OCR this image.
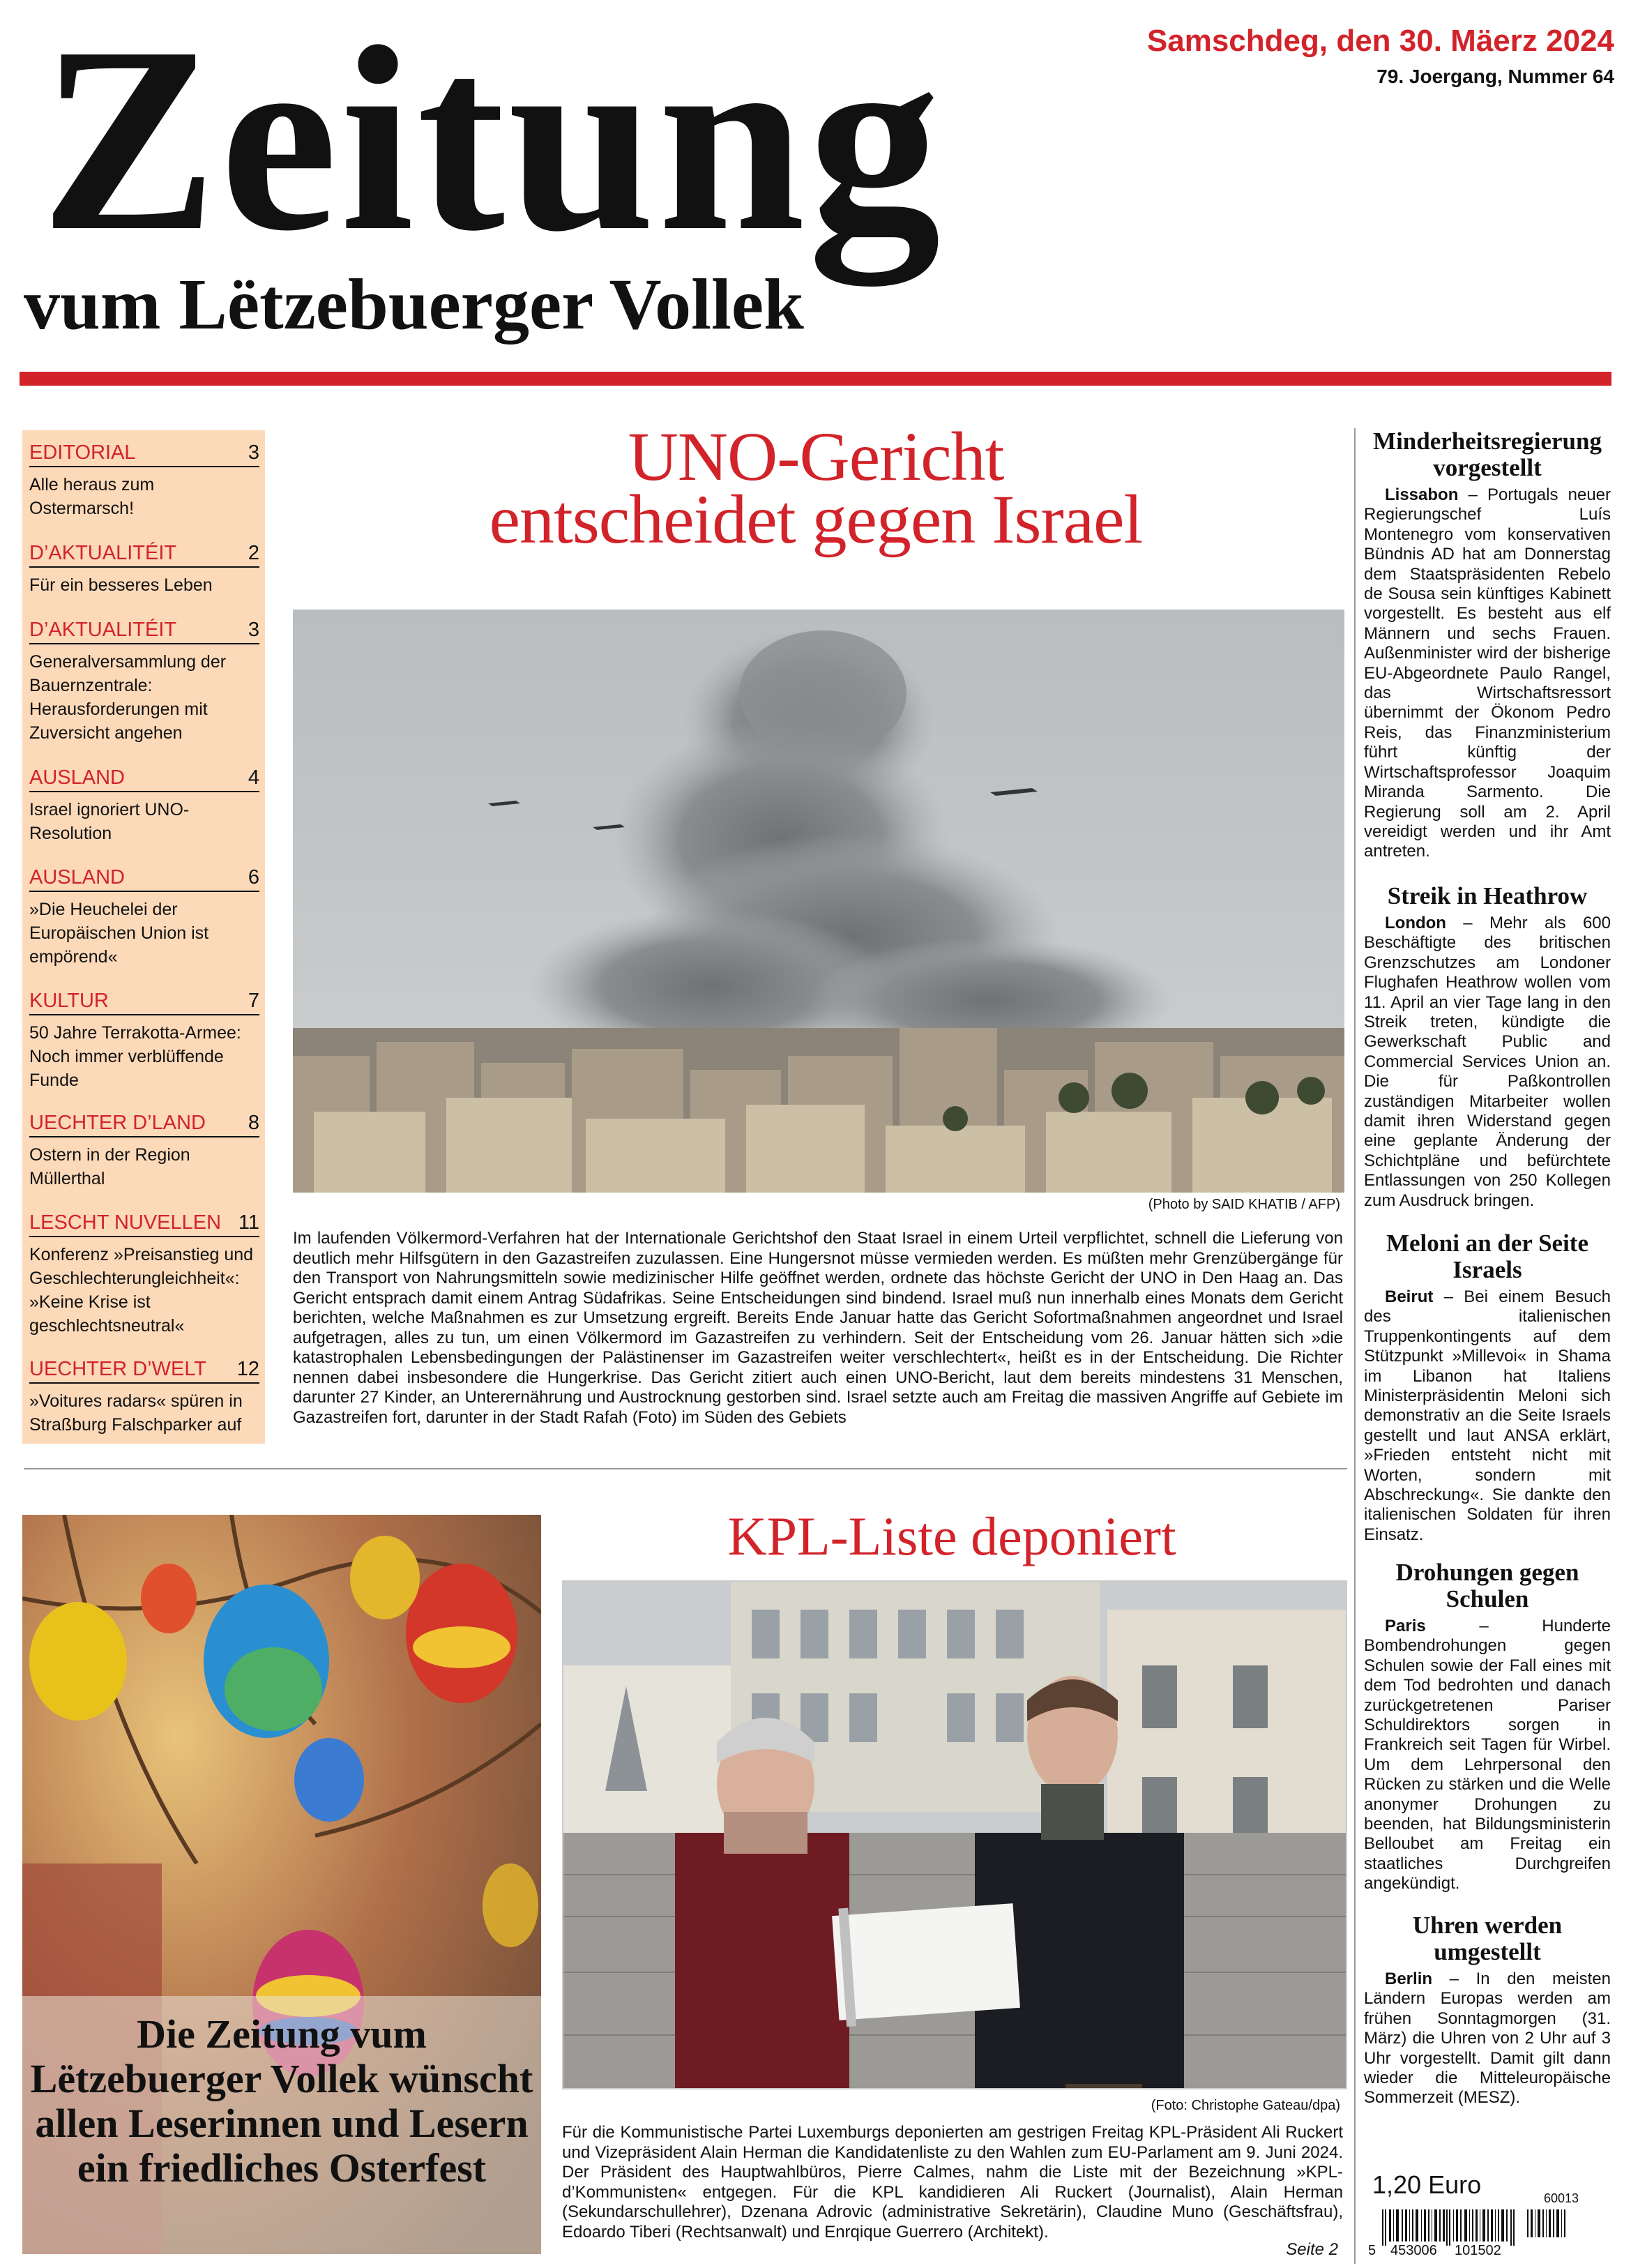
Zeitung
vum Lëtzebuerger Vollek
Samschdeg, den 30. Mäerz 2024
79. Joergang, Nummer 64
EDITORIAL	3
Alle heraus zum Ostermarsch!
D’AKTUALITÉIT	2
Für ein besseres Leben
D’AKTUALITÉIT	3
Generalversammlung der Bauernzentrale: Herausforderungen mit Zuversicht angehen
AUSLAND	4
Israel ignoriert UNO-Resolution
AUSLAND	6
»Die Heuchelei der Europäischen Union ist empörend«
KULTUR	7
50 Jahre Terrakotta-Armee: Noch immer verblüffende Funde
UECHTER D’LAND 8
Ostern in der Region Müllerthal
LESCHT NUVELLEN 11
Konferenz »Preisanstieg und Geschlechterungleichheit«: »Keine Krise ist geschlechtsneutral«
UECHTER D’WELT 12
»Voitures radars« spüren in Straßburg Falschparker auf
UNO-Gericht
entscheidet gegen Israel
(Photo by SAID KHATIB / AFP)
Im laufenden Völkermord-Verfahren hat der Internationale Gerichtshof den Staat Israel in einem Urteil verpflichtet, schnell die Lieferung von deutlich mehr Hilfsgütern in den Gazastreifen zuzulassen. Eine Hungersnot müsse vermieden werden. Es müßten mehr Grenzübergänge für den Transport von Nahrungsmitteln sowie medizinischer Hilfe geöffnet werden, ordnete das höchste Gericht der UNO in Den Haag an. Das Gericht entsprach damit einem Antrag Südafrikas. Seine Entscheidungen sind bindend. Israel muß nun innerhalb eines Monats dem Gericht berichten, welche Maßnahmen es zur Umsetzung ergreift. Bereits Ende Januar hatte das Gericht Sofortmaßnahmen angeordnet und Israel aufgetragen, alles zu tun, um einen Völkermord im Gazastreifen zu verhindern. Seit der Entscheidung vom 26. Januar hätten sich »die katastrophalen Lebensbedingungen der Palästinenser im Gazastreifen weiter verschlechtert«, heißt es in der Entscheidung. Die Richter nennen dabei insbesondere die Hungerkrise. Das Gericht zitiert auch einen UNO-Bericht, laut dem bereits mindestens 31 Menschen, darunter 27 Kinder, an Unterernährung und Austrocknung gestorben sind. Israel setzte auch am Freitag die massiven Angriffe auf Gebiete im Gazastreifen fort, darunter in der Stadt Rafah (Foto) im Süden des Gebiets
Minderheitsregierung vorgestellt
Lissabon – Portugals neuer Regierungschef Luís Montenegro vom konservativen Bündnis AD hat am Donnerstag dem Staatspräsidenten Rebelo de Sousa sein künftiges Kabinett vorgestellt. Es besteht aus elf Männern und sechs Frauen. Außenminister wird der bisherige EU-Abgeordnete Paulo Rangel, das Wirtschaftsressort übernimmt der Ökonom Pedro Reis, das Finanzministerium führt künftig der Wirtschaftsprofessor Joaquim Miranda Sarmento. Die Regierung soll am 2. April vereidigt werden und ihr Amt antreten.
Streik in Heathrow
London – Mehr als 600 Beschäftigte des britischen Grenzschutzes am Londoner Flughafen Heathrow wollen vom 11. April an vier Tage lang in den Streik treten, kündigte die Gewerkschaft Public and Commercial Services Union an. Die für Paßkontrollen zuständigen Mitarbeiter wollen damit ihren Widerstand gegen eine geplante Änderung der Schichtpläne und befürchtete Entlassungen von 250 Kollegen zum Ausdruck bringen.
Meloni an der Seite Israels
Beirut – Bei einem Besuch des italienischen Truppenkontingents auf dem Stützpunkt »Millevoi« in Shama im Libanon hat Italiens Ministerpräsidentin Meloni sich demonstrativ an die Seite Israels gestellt und laut ANSA erklärt, »Frieden entsteht nicht mit Worten, sondern mit Abschreckung«. Sie dankte den italienischen Soldaten für ihren Einsatz.
Drohungen gegen Schulen
Paris – Hunderte Bombendrohungen gegen Schulen sowie der Fall eines mit dem Tod bedrohten und danach zurückgetretenen Pariser Schuldirektors sorgen in Frankreich seit Tagen für Wirbel. Um dem Lehrpersonal den Rücken zu stärken und die Welle anonymer Drohungen zu beenden, hat Bildungsministerin Belloubet am Freitag ein staatliches Durchgreifen angekündigt.
Uhren werden umgestellt
Berlin – In den meisten Ländern Europas werden am frühen Sonntagmorgen (31. März) die Uhren von 2 Uhr auf 3 Uhr vorgestellt. Damit gilt dann wieder die Mitteleuropäische Sommerzeit (MESZ).
Die Zeitung vum Lëtzebuerger Vollek wünscht allen Leserinnen und Lesern ein friedliches Osterfest
KPL-Liste deponiert
(Foto: Christophe Gateau/dpa)
Für die Kommunistische Partei Luxemburgs deponierten am gestrigen Freitag KPL-Präsident Ali Ruckert und Vizepräsident Alain Herman die Kandidatenliste zu den Wahlen zum EU-Parlament am 9. Juni 2024. Der Präsident des Hauptwahlbüros, Pierre Calmes, nahm die Liste mit der Bezeichnung »KPL-d’Kommunisten« entgegen. Für die KPL kandidieren Ali Ruckert (Journalist), Alain Herman (Sekundarschullehrer), Dzenana Adrovic (administrative Sekretärin), Claudine Muno (Geschäftsfrau), Edoardo Tiberi (Rechtsanwalt) und Enrqique Guerrero (Architekt).
Seite 2
1,20 Euro	60013
5 453006 101502
